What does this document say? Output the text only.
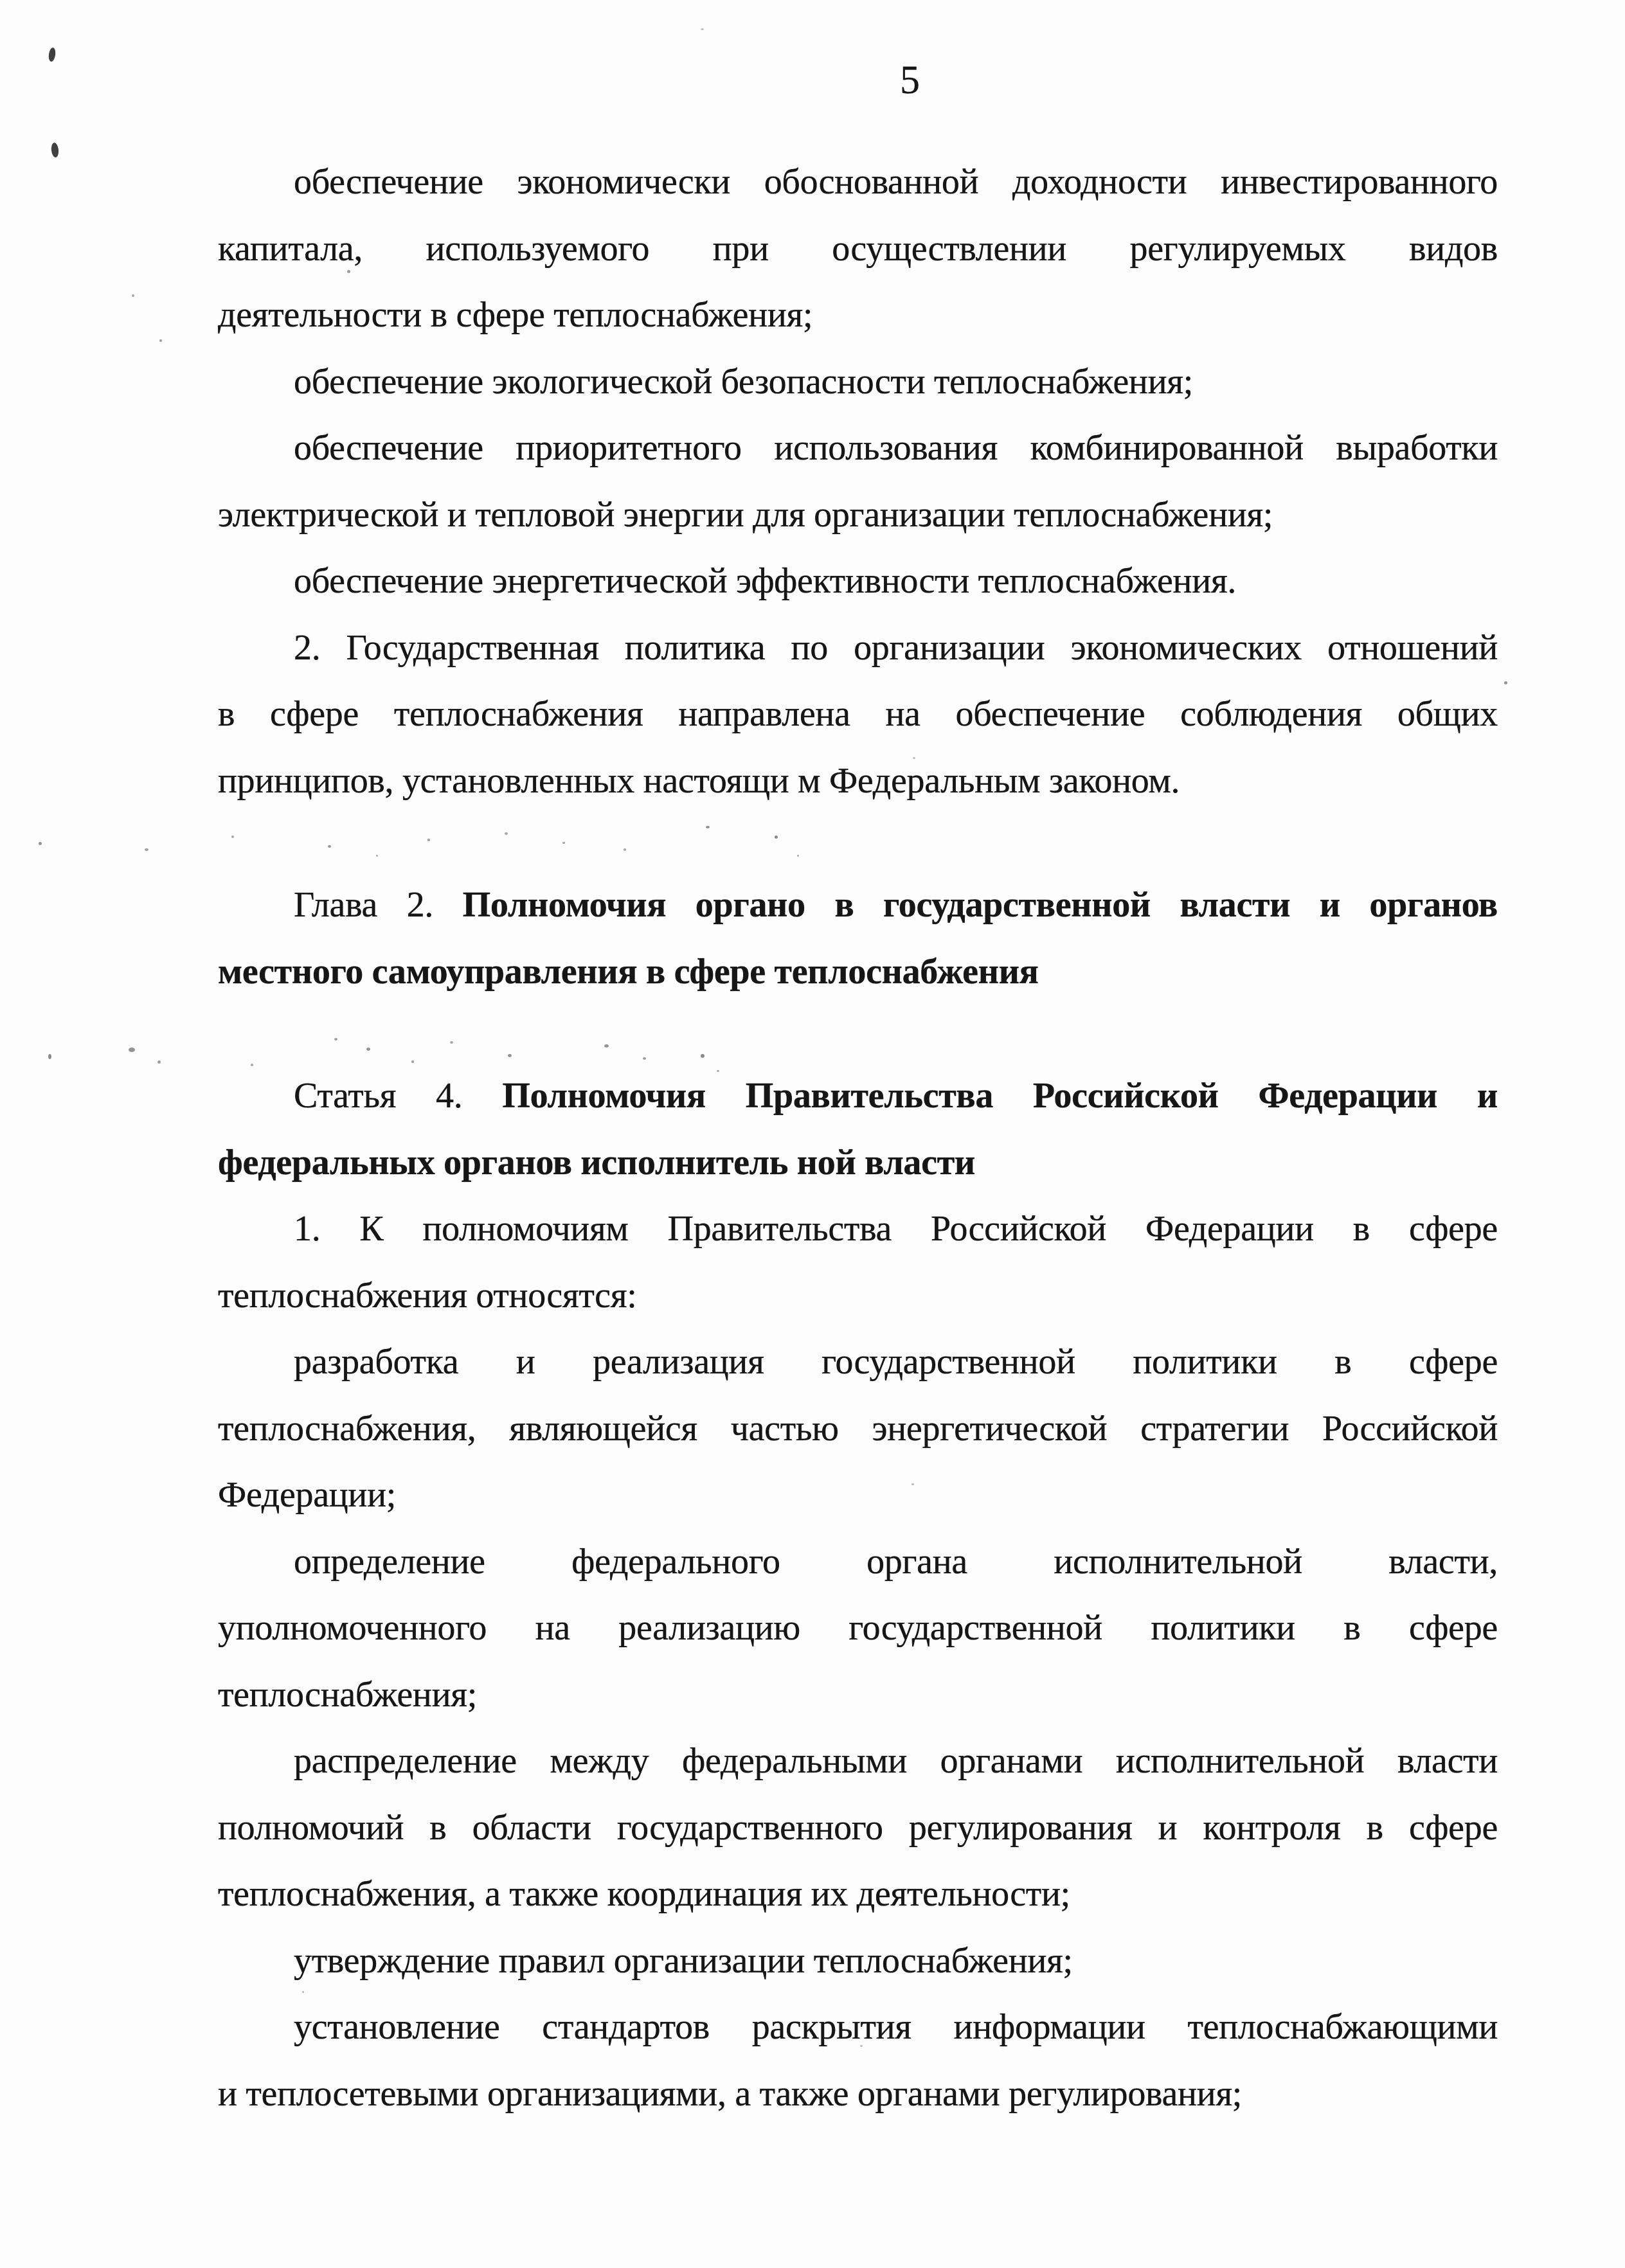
5
обеспечение экономически обоснованной доходности инвестированного
капитала, используемого при осуществлении регулируемых видов
деятельности в сфере теплоснабжения;
обеспечение экологической безопасности теплоснабжения;
обеспечение приоритетного использования комбинированной выработки
электрической и тепловой энергии для организации теплоснабжения;
обеспечение энергетической эффективности теплоснабжения.
2. Государственная политика по организации экономических отношений
в сфере теплоснабжения направлена на обеспечение соблюдения общих
принципов, установленных настоящи м Федеральным законом.
Глава 2. Полномочия органо в государственной власти и органов
местного самоуправления в сфере теплоснабжения
Статья 4. Полномочия Правительства Российской Федерации и
федеральных органов исполнитель ной власти
1. К полномочиям Правительства Российской Федерации в сфере
теплоснабжения относятся:
разработка и реализация государственной политики в сфере
теплоснабжения, являющейся частью энергетической стратегии Российской
Федерации;
определение федерального органа исполнительной власти,
уполномоченного на реализацию государственной политики в сфере
теплоснабжения;
распределение между федеральными органами исполнительной власти
полномочий в области государственного регулирования и контроля в сфере
теплоснабжения, а также координация их деятельности;
утверждение правил организации теплоснабжения;
установление стандартов раскрытия информации теплоснабжающими
и теплосетевыми организациями, а также органами регулирования;
